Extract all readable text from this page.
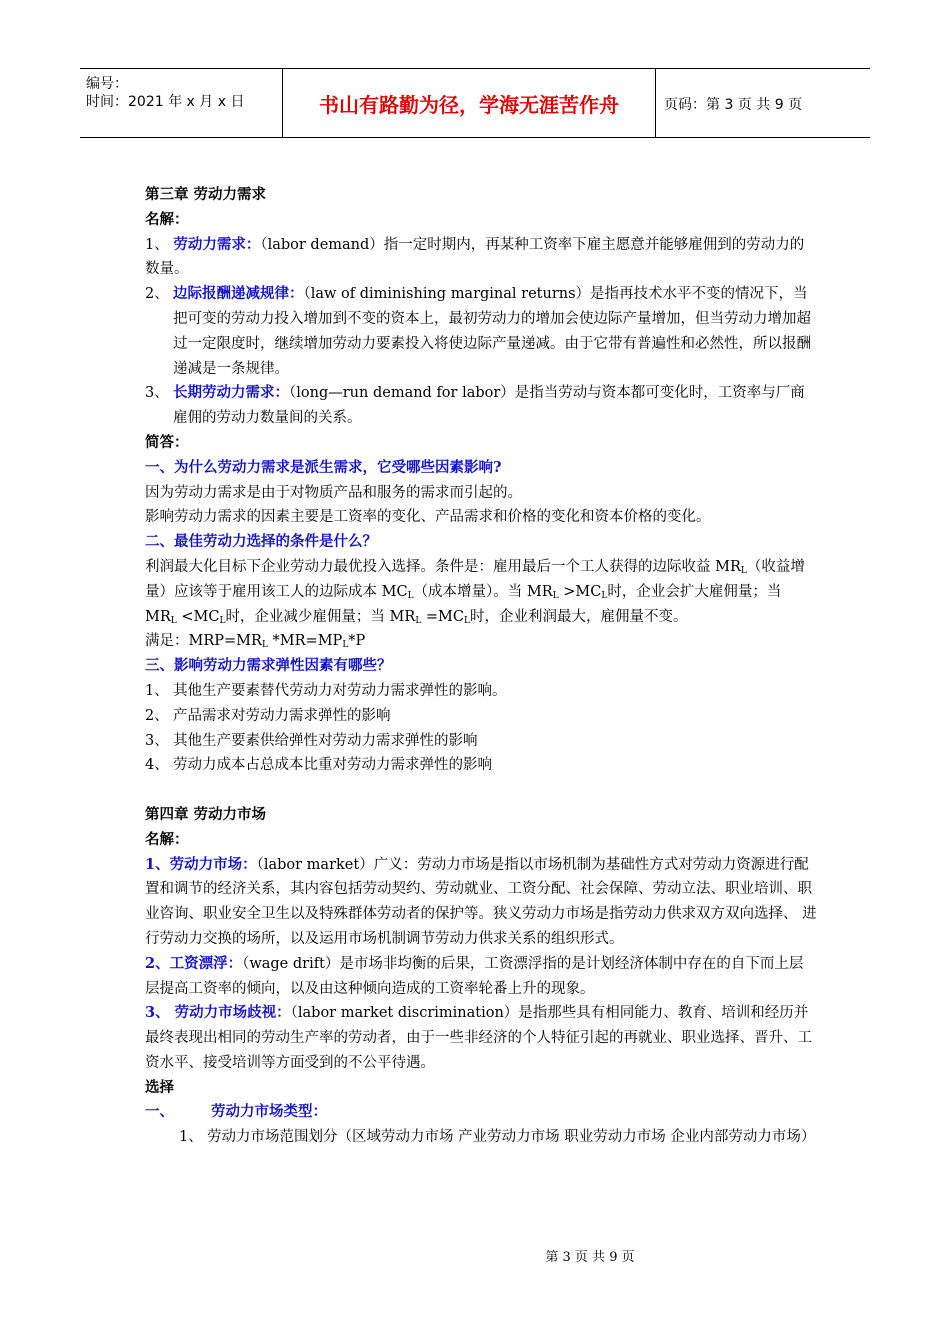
编号：
时间：2021 年 x 月 x 日	书山有路勤为径，学海无涯苦作舟	页码：第 3 页 共 9 页

第三章 劳动力需求

名解：

1、 劳动力需求：（labor demand）指一定时期内，再某种工资率下雇主愿意并能够雇佣到的劳动力的数量。

2、 边际报酬递减规律：（law of diminishing marginal returns）是指再技术水平不变的情况下，当把可变的劳动力投入增加到不变的资本上，最初劳动力的增加会使边际产量增加，但当劳动力增加超过一定限度时，继续增加劳动力要素投入将使边际产量递减。由于它带有普遍性和必然性，所以报酬递减是一条规律。

3、 长期劳动力需求：（long—run demand for labor）是指当劳动与资本都可变化时，工资率与厂商雇佣的劳动力数量间的关系。

简答：

一、为什么劳动力需求是派生需求，它受哪些因素影响?

因为劳动力需求是由于对物质产品和服务的需求而引起的。

影响劳动力需求的因素主要是工资率的变化、产品需求和价格的变化和资本价格的变化。

二、最佳劳动力选择的条件是什么？

利润最大化目标下企业劳动力最优投入选择。条件是：雇用最后一个工人获得的边际收益 $MR_L$（收益增量）应该等于雇用该工人的边际成本 $MC_L$（成本增量）。当 $MR_L >MC_L$时，企业会扩大雇佣量；当 $MR_L <MC_L$时，企业减少雇佣量；当 $MR_L =MC_L$时，企业利润最大，雇佣量不变。

满足：$MRP=MR_L$ $*MR=MP_L*P$

三、影响劳动力需求弹性因素有哪些？

1、 其他生产要素替代劳动力对劳动力需求弹性的影响。

2、 产品需求对劳动力需求弹性的影响

3、 其他生产要素供给弹性对劳动力需求弹性的影响

4、 劳动力成本占总成本比重对劳动力需求弹性的影响

第四章 劳动力市场

名解：

1、劳动力市场：（labor market）广义：劳动力市场是指以市场机制为基础性方式对劳动力资源进行配置和调节的经济关系，其内容包括劳动契约、劳动就业、工资分配、社会保障、劳动立法、职业培训、职业咨询、职业安全卫生以及特殊群体劳动者的保护等。狭义劳动力市场是指劳动力供求双方双向选择、 进行劳动力交换的场所，以及运用市场机制调节劳动力供求关系的组织形式。

2、工资漂浮：（wage drift）是市场非均衡的后果，工资漂浮指的是计划经济体制中存在的自下而上层层提高工资率的倾向，以及由这种倾向造成的工资率轮番上升的现象。

3、 劳动力市场歧视：（labor market discrimination）是指那些具有相同能力、教育、培训和经历并最终表现出相同的劳动生产率的劳动者，由于一些非经济的个人特征引起的再就业、职业选择、晋升、工资水平、接受培训等方面受到的不公平待遇。

选择

一、	劳动力市场类型：

1、 劳动力市场范围划分（区域劳动力市场 产业劳动力市场 职业劳动力市场 企业内部劳动力市场）

第 3 页 共 9 页
